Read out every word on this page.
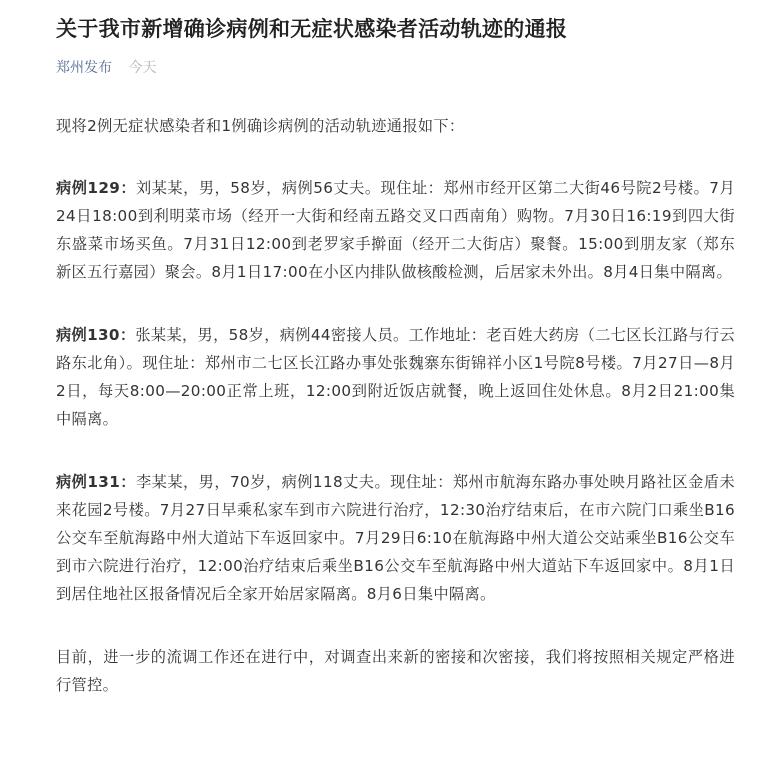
关于我市新增确诊病例和无症状感染者活动轨迹的通报
郑州发布 今天

现将2例无症状感染者和1例确诊病例的活动轨迹通报如下：

病例129：刘某某，男，58岁，病例56丈夫。现住址：郑州市经开区第二大街46号院2号楼。7月24日18:00到利明菜市场（经开一大街和经南五路交叉口西南角）购物。7月30日16:19到四大街东盛菜市场买鱼。7月31日12:00到老罗家手擀面（经开二大街店）聚餐。15:00到朋友家（郑东新区五行嘉园）聚会。8月1日17:00在小区内排队做核酸检测，后居家未外出。8月4日集中隔离。

病例130：张某某，男，58岁，病例44密接人员。工作地址：老百姓大药房（二七区长江路与行云路东北角）。现住址：郑州市二七区长江路办事处张魏寨东街锦祥小区1号院8号楼。7月27日—8月2日，每天8:00—20:00正常上班，12:00到附近饭店就餐，晚上返回住处休息。8月2日21:00集中隔离。

病例131：李某某，男，70岁，病例118丈夫。现住址：郑州市航海东路办事处映月路社区金盾未来花园2号楼。7月27日早乘私家车到市六院进行治疗，12:30治疗结束后，在市六院门口乘坐B16公交车至航海路中州大道站下车返回家中。7月29日6:10在航海路中州大道公交站乘坐B16公交车到市六院进行治疗，12:00治疗结束后乘坐B16公交车至航海路中州大道站下车返回家中。8月1日到居住地社区报备情况后全家开始居家隔离。8月6日集中隔离。

目前，进一步的流调工作还在进行中，对调查出来新的密接和次密接，我们将按照相关规定严格进行管控。
